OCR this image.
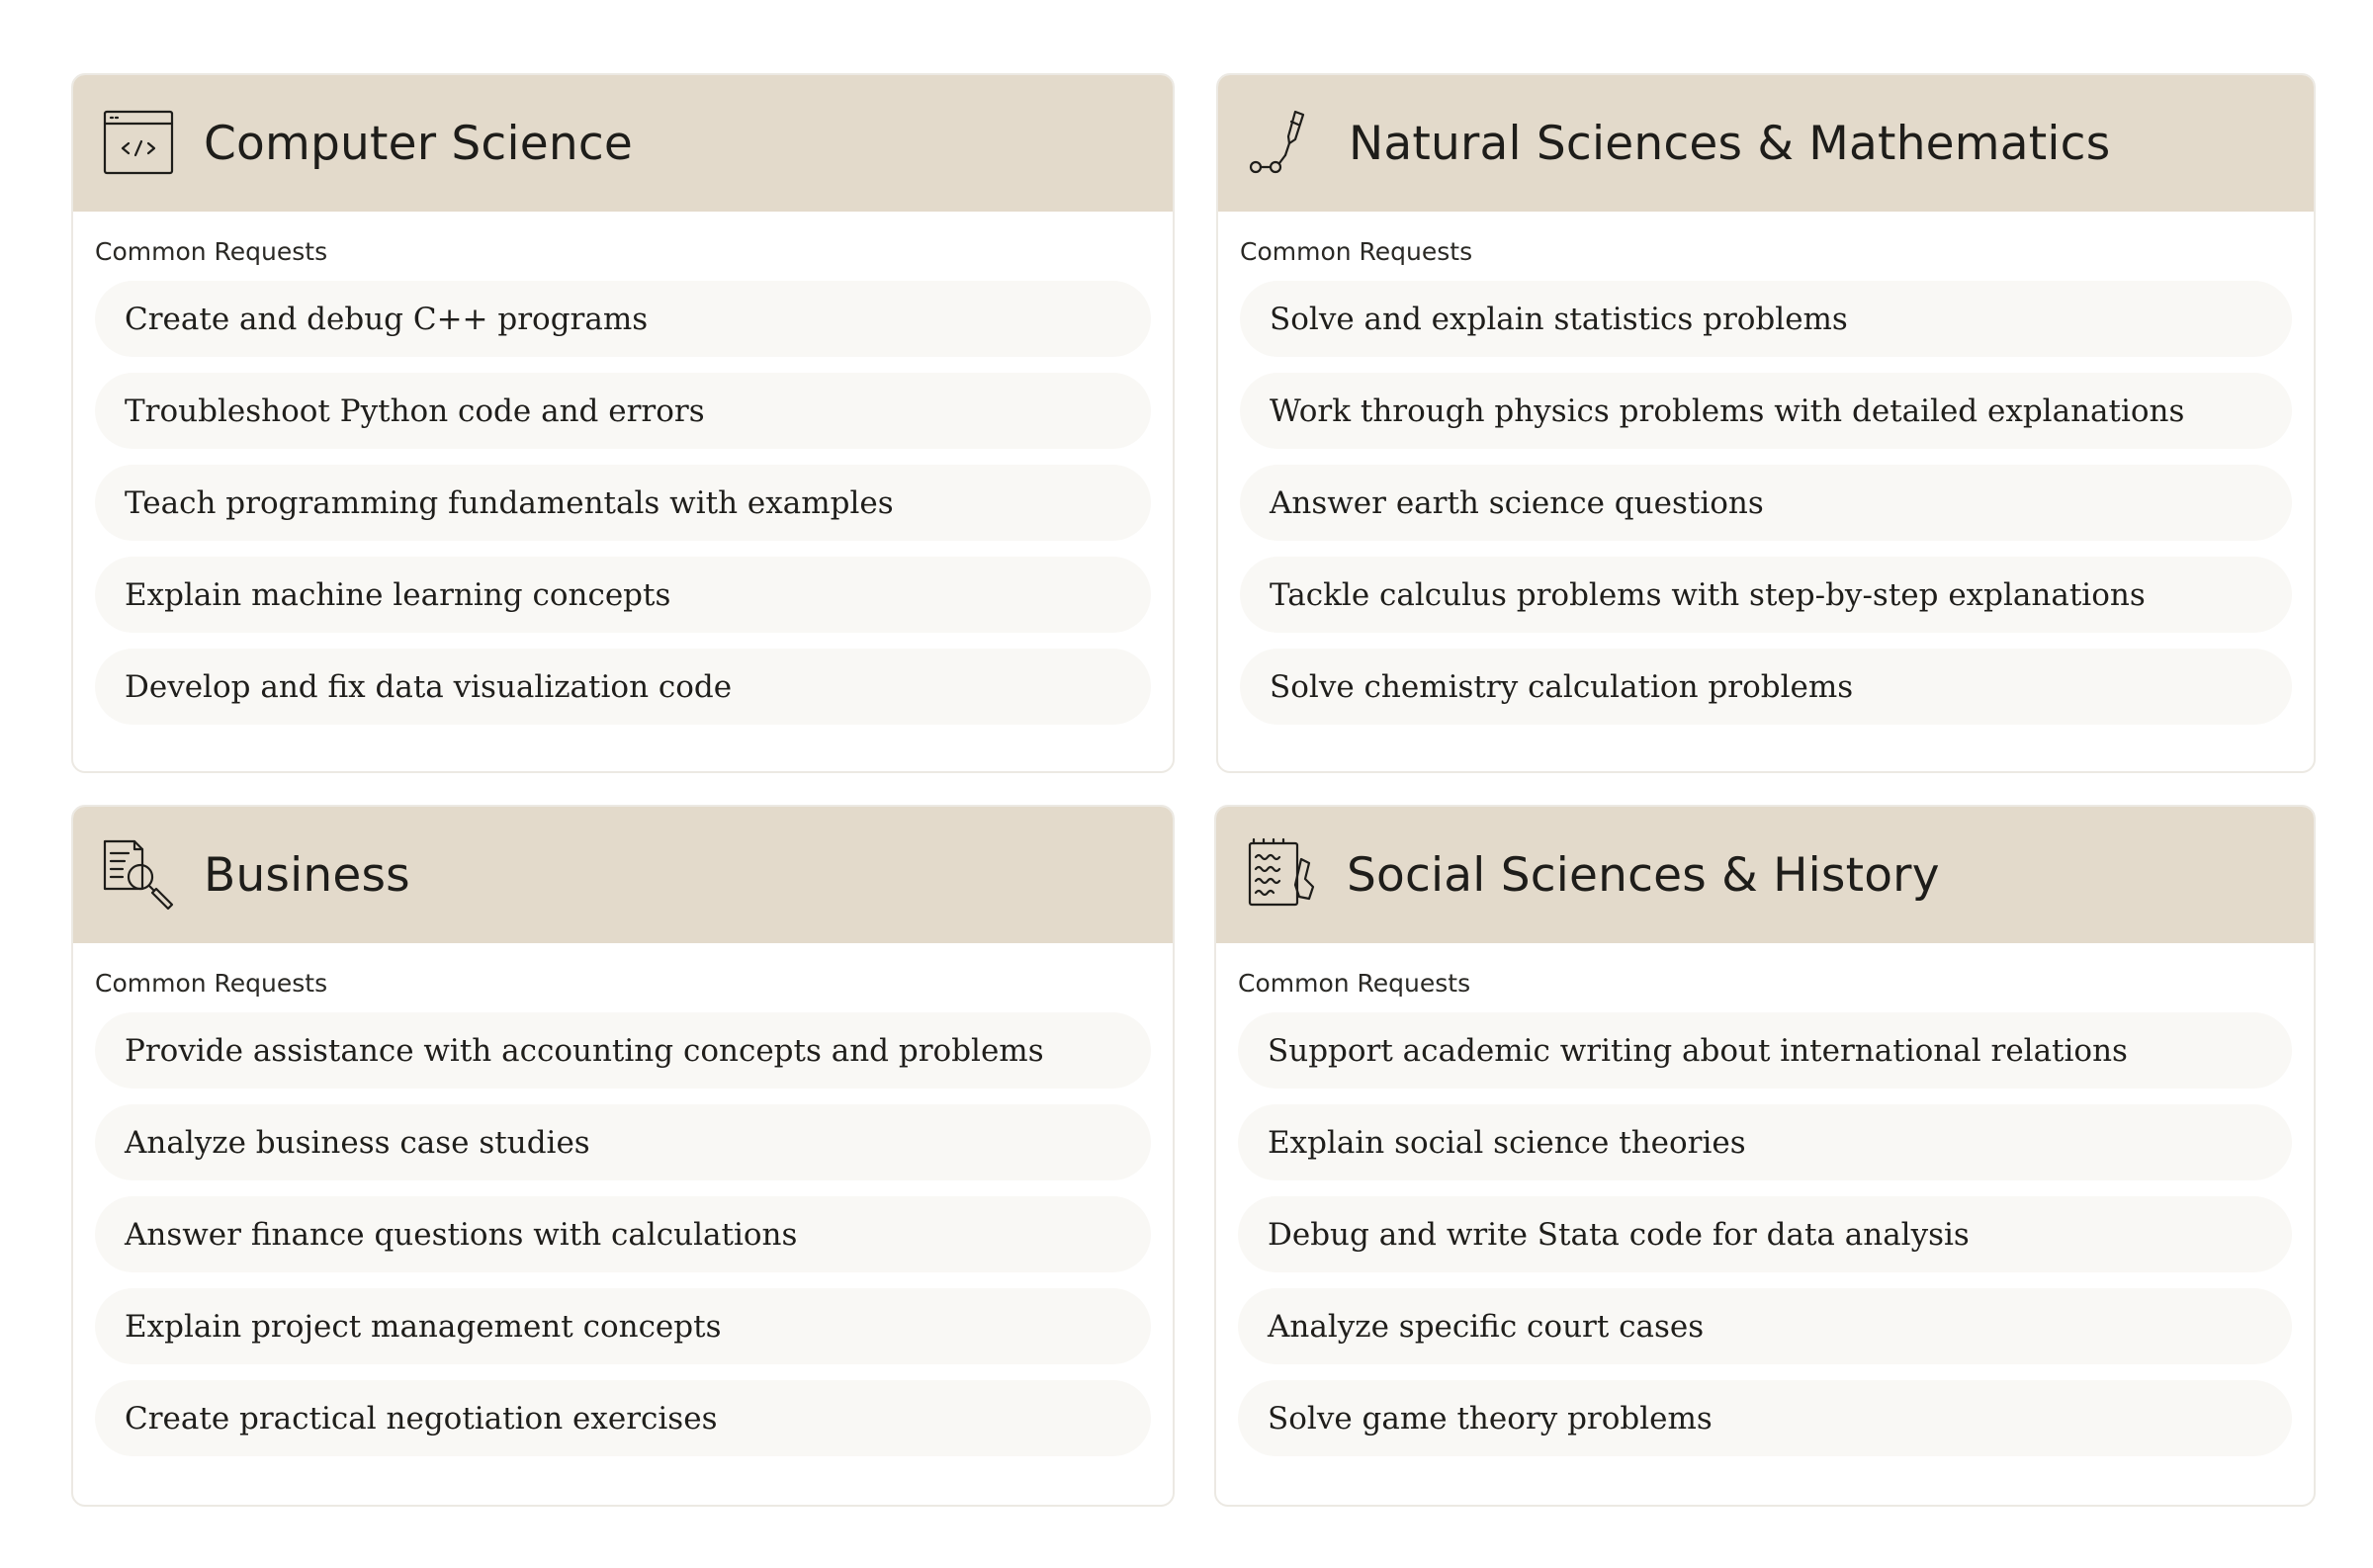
Computer Science
Common Requests
Create and debug C++ programs
Troubleshoot Python code and errors
Teach programming fundamentals with examples
Explain machine learning concepts
Develop and fix data visualization code
Natural Sciences & Mathematics
Common Requests
Solve and explain statistics problems
Work through physics problems with detailed explanations
Answer earth science questions
Tackle calculus problems with step-by-step explanations
Solve chemistry calculation problems
Business
Common Requests
Provide assistance with accounting concepts and problems
Analyze business case studies
Answer finance questions with calculations
Explain project management concepts
Create practical negotiation exercises
Social Sciences & History
Common Requests
Support academic writing about international relations
Explain social science theories
Debug and write Stata code for data analysis
Analyze specific court cases
Solve game theory problems
